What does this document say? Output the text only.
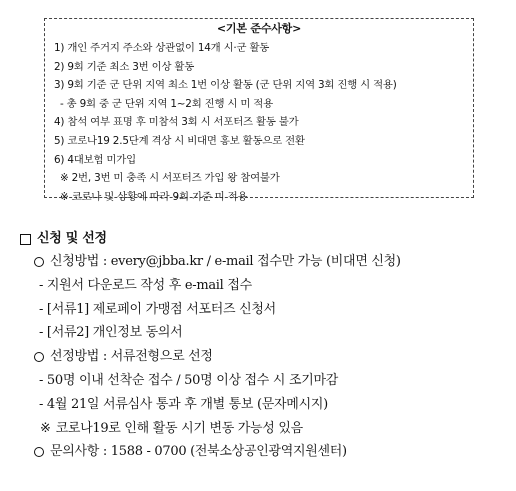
<기본 준수사항>
1) 개인 주거지 주소와 상관없이 14개 시·군 활동
2) 9회 기준 최소 3번 이상 활동
3) 9회 기준 군 단위 지역 최소 1번 이상 활동 (군 단위 지역 3회 진행 시 적용)
- 총 9회 중 군 단위 지역 1~2회 진행 시 미 적용
4) 참석 여부 표명 후 미참석 3회 시 서포터즈 활동 불가
5) 코로나19 2.5단계 격상 시 비대면 홍보 활동으로 전환
6) 4대보험 미가입
※ 2번, 3번 미 충족 시 서포터즈 가입 왕 참여불가
※ 코로나 및 상황에 따라 9회 기준 미 적용
신청 및 선정
신청방법 : every@jbba.kr / e-mail 접수만 가능 (비대면 신청)
- 지원서 다운로드 작성 후 e-mail 접수
- [서류1] 제로페이 가맹점 서포터즈 신청서
- [서류2] 개인정보 동의서
선정방법 : 서류전형으로 선정
- 50명 이내 선착순 접수 / 50명 이상 접수 시 조기마감
- 4월 21일 서류심사 통과 후 개별 통보 (문자메시지)
※ 코로나19로 인해 활동 시기 변동 가능성 있음
문의사항 : 1588 - 0700 (전북소상공인광역지원센터)
